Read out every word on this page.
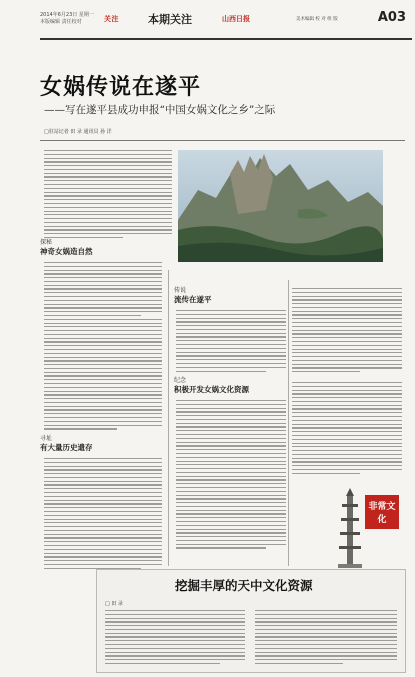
2014年6月23日 星期一
本版编辑 责任校对	关注	本期关注	山西日报	美术编辑 校 对 组 版	A03
女娲传说在遂平
——写在遂平县成功申报“中国女娲文化之乡”之际
□驻站记者 田 录 通讯员 孙 洋
探秘
神奇女娲造自然
寻址
有大量历史遗存
传说
流传在遂平
纪念
积极开发女娲文化资源
非常文化
挖掘丰厚的天中文化资源
□ 田 录
